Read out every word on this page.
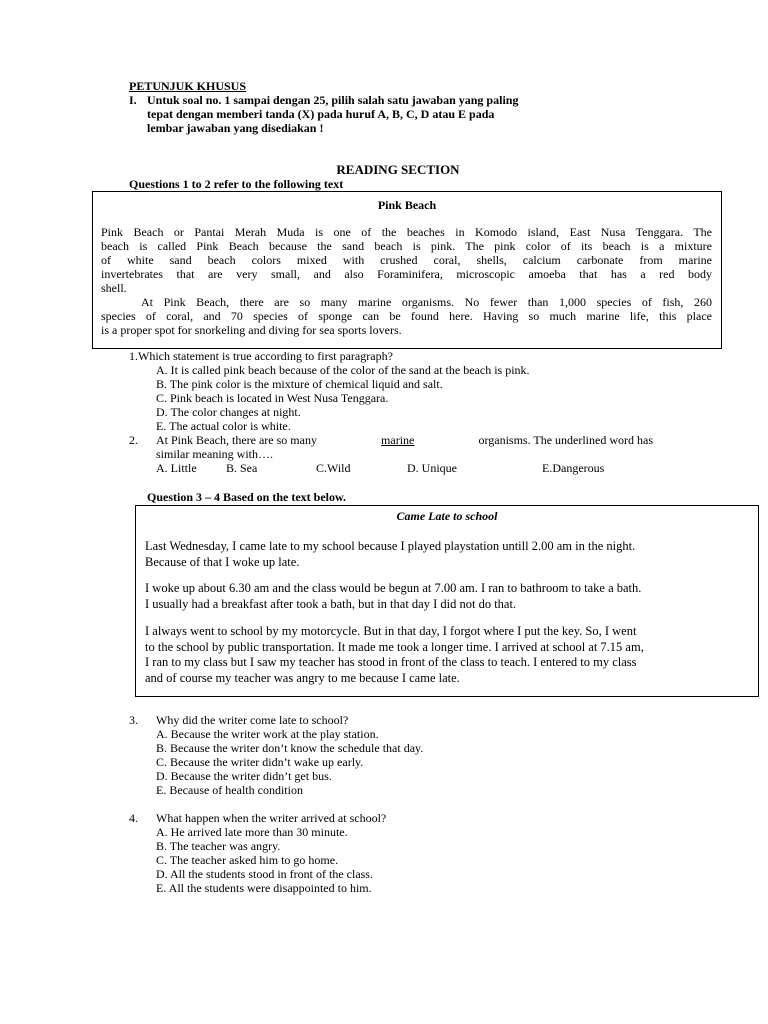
PETUNJUK KHUSUS
I. Untuk soal no. 1 sampai dengan 25, pilih salah satu jawaban yang paling
tepat dengan memberi tanda (X) pada huruf A, B, C, D atau E pada
lembar jawaban yang disediakan !
READING SECTION
Questions 1 to 2 refer to the following text
Pink Beach
Pink Beach or Pantai Merah Muda is one of the beaches in Komodo island, East Nusa Tenggara. The
beach is called Pink Beach because the sand beach is pink. The pink color of its beach is a mixture
of white sand beach colors mixed with crushed coral, shells, calcium carbonate from marine
invertebrates that are very small, and also Foraminifera, microscopic amoeba that has a red body
shell.
At Pink Beach, there are so many marine organisms. No fewer than 1,000 species of fish, 260
species of coral, and 70 species of sponge can be found here. Having so much marine life, this place
is a proper spot for snorkeling and diving for sea sports lovers.
1.Which statement is true according to first paragraph?
A. It is called pink beach because of the color of the sand at the beach is pink.
B. The pink color is the mixture of chemical liquid and salt.
C. Pink beach is located in West Nusa Tenggara.
D. The color changes at night.
E. The actual color is white.
2. At Pink Beach, there are so many	marine	organisms. The underlined word has
similar meaning with….
A. Little B. Sea	C.Wild	D. Unique	E.Dangerous
Question 3 – 4 Based on the text below.
Came Late to school
Last Wednesday, I came late to my school because I played playstation untill 2.00 am in the night.
Because of that I woke up late.
I woke up about 6.30 am and the class would be begun at 7.00 am. I ran to bathroom to take a bath.
I usually had a breakfast after took a bath, but in that day I did not do that.
I always went to school by my motorcycle. But in that day, I forgot where I put the key. So, I went
to the school by public transportation. It made me took a longer time. I arrived at school at 7.15 am,
I ran to my class but I saw my teacher has stood in front of the class to teach. I entered to my class
and of course my teacher was angry to me because I came late.
3. Why did the writer come late to school?
A. Because the writer work at the play station.
B. Because the writer don’t know the schedule that day.
C. Because the writer didn’t wake up early.
D. Because the writer didn’t get bus.
E. Because of health condition
4. What happen when the writer arrived at school?
A. He arrived late more than 30 minute.
B. The teacher was angry.
C. The teacher asked him to go home.
D. All the students stood in front of the class.
E. All the students were disappointed to him.
